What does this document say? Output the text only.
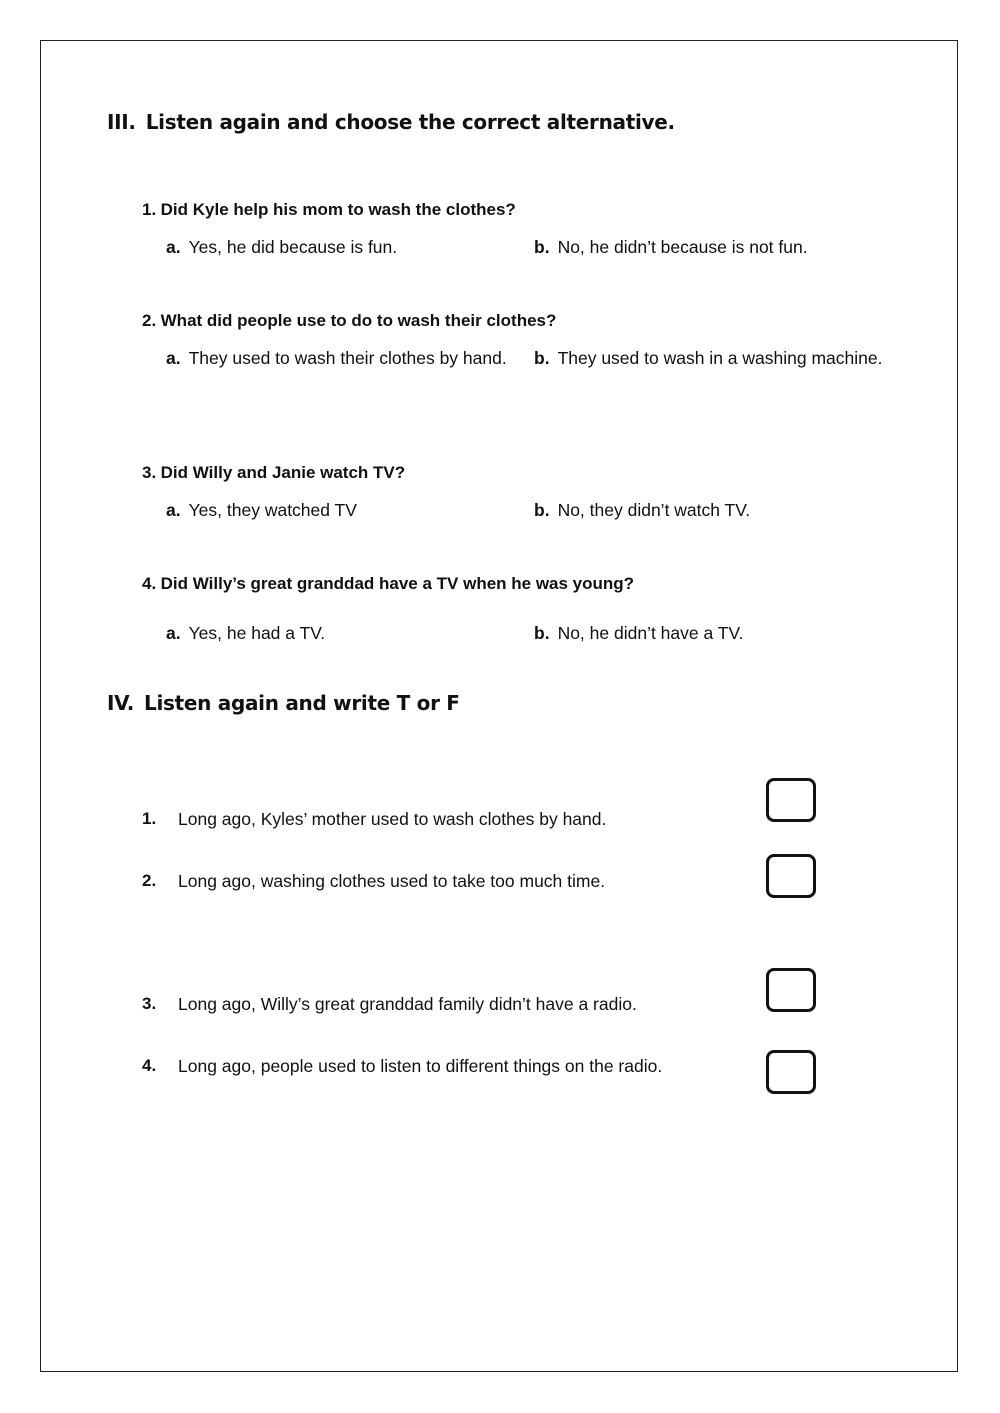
III. Listen again and choose the correct alternative.
1. Did Kyle help his mom to wash the clothes?
a. Yes, he did because is fun.	b. No, he didn’t because is not fun.
2. What did people use to do to wash their clothes?
a. They used to wash their clothes by hand. b. They used to wash in a washing machine.
3. Did Willy and Janie watch TV?
a. Yes, they watched TV	b. No, they didn’t watch TV.
4. Did Willy’s great granddad have a TV when he was young?
a. Yes, he had a TV.	b. No, he didn’t have a TV.
IV. Listen again and write T or F
1. Long ago, Kyles’ mother used to wash clothes by hand.
2. Long ago, washing clothes used to take too much time.
3. Long ago, Willy’s great granddad family didn’t have a radio.
4. Long ago, people used to listen to different things on the radio.
